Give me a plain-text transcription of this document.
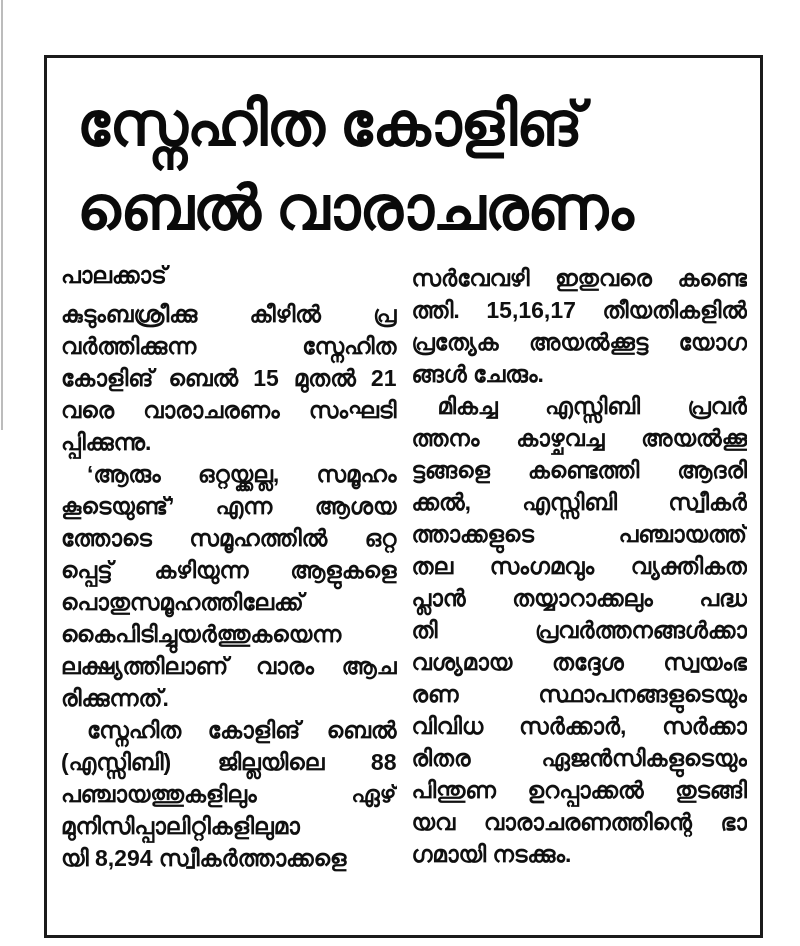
സ്നേഹിത കോളിങ്
ബെൽ വാരാചരണം
പാലക്കാട്
കുടുംബശ്രീക്കു കീഴിൽ പ്ര
വർത്തിക്കുന്ന സ്നേഹിത
കോളിങ് ബെൽ 15 മുതൽ 21
വരെ വാരാചരണം സംഘടി
പ്പിക്കുന്നു.
‘ആരും ഒറ്റയ്ക്കല്ല, സമൂഹം
കൂടെയുണ്ട്’ എന്ന ആശയ
ത്തോടെ സമൂഹത്തിൽ ഒറ്റ
പ്പെട്ട് കഴിയുന്ന ആളുകളെ
പൊതുസമൂഹത്തിലേക്ക്
കൈപിടിച്ചുയർത്തുകയെന്ന
ലക്ഷ്യത്തിലാണ് വാരം ആച
രിക്കുന്നത്.
സ്നേഹിത കോളിങ് ബെൽ
(എസ്സിബി) ജില്ലയിലെ 88
പഞ്ചായത്തുകളിലും ഏഴ്
മുനിസിപ്പാലിറ്റികളിലുമാ
യി 8,294 സ്വീകർത്താക്കളെ
സർവേവഴി ഇതുവരെ കണ്ടെ
ത്തി. 15,16,17 തീയതികളിൽ
പ്രത്യേക അയൽക്കൂട്ട യോഗ
ങ്ങൾ ചേരും.
മികച്ച എസ്സിബി പ്രവർ
ത്തനം കാഴ്ചവച്ച അയൽക്കൂ
ട്ടങ്ങളെ കണ്ടെത്തി ആദരി
ക്കൽ, എസ്സിബി സ്വീകർ
ത്താക്കളുടെ പഞ്ചായത്ത്
തല സംഗമവും വ്യക്തികത
പ്ലാൻ തയ്യാറാക്കലും പദ്ധ
തി പ്രവർത്തനങ്ങൾക്കാ
വശ്യമായ തദ്ദേശ സ്വയംഭ
രണ സ്ഥാപനങ്ങളുടെയും
വിവിധ സർക്കാർ, സർക്കാ
രിതര ഏജൻസികളുടെയും
പിന്തുണ ഉറപ്പാക്കൽ തുടങ്ങി
യവ വാരാചരണത്തിന്റെ ഭാ
ഗമായി നടക്കും.
